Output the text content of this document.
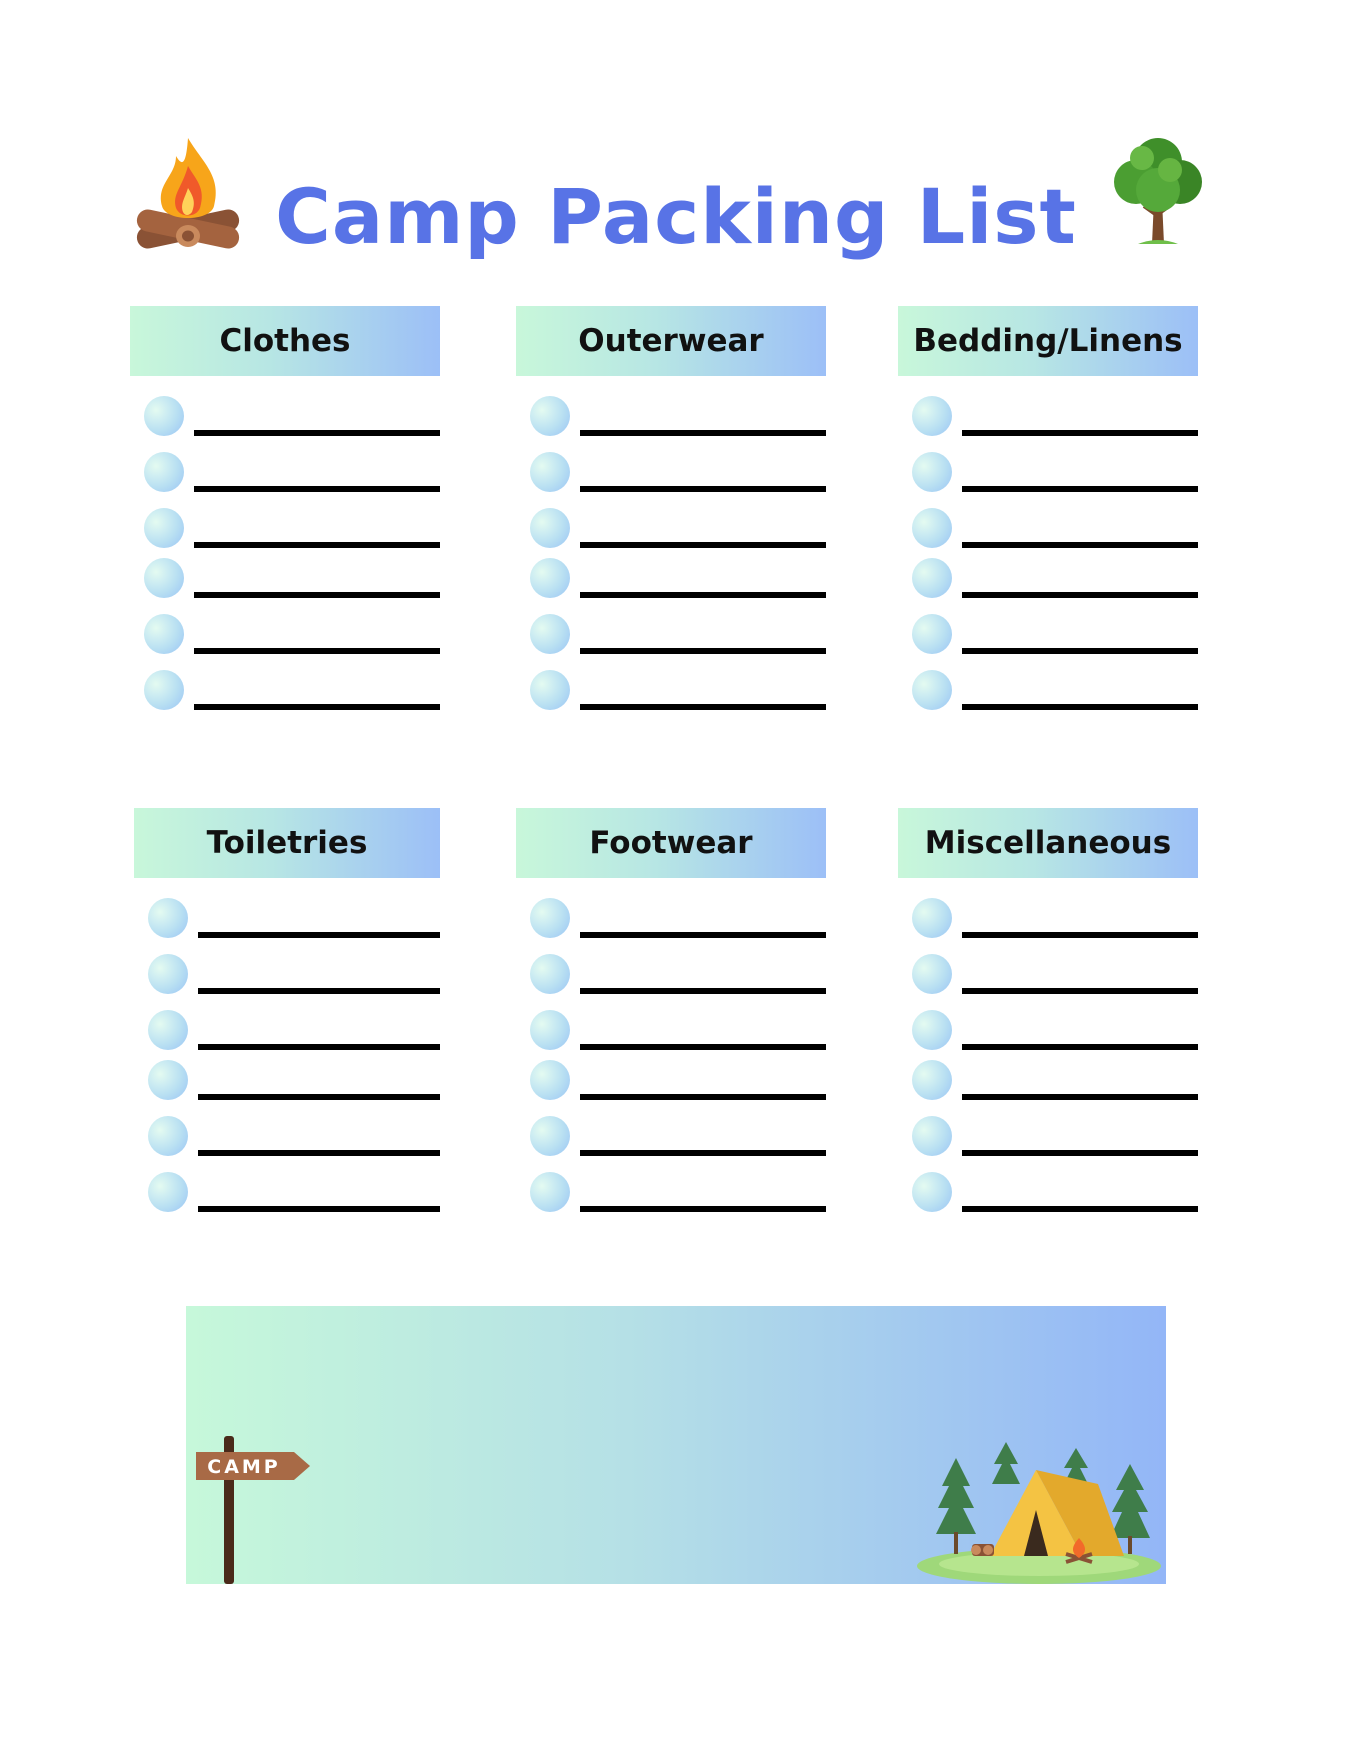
Camp Packing List
Clothes	Outerwear	Bedding/Linens
Toiletries	Footwear	Miscellaneous
CAMP
